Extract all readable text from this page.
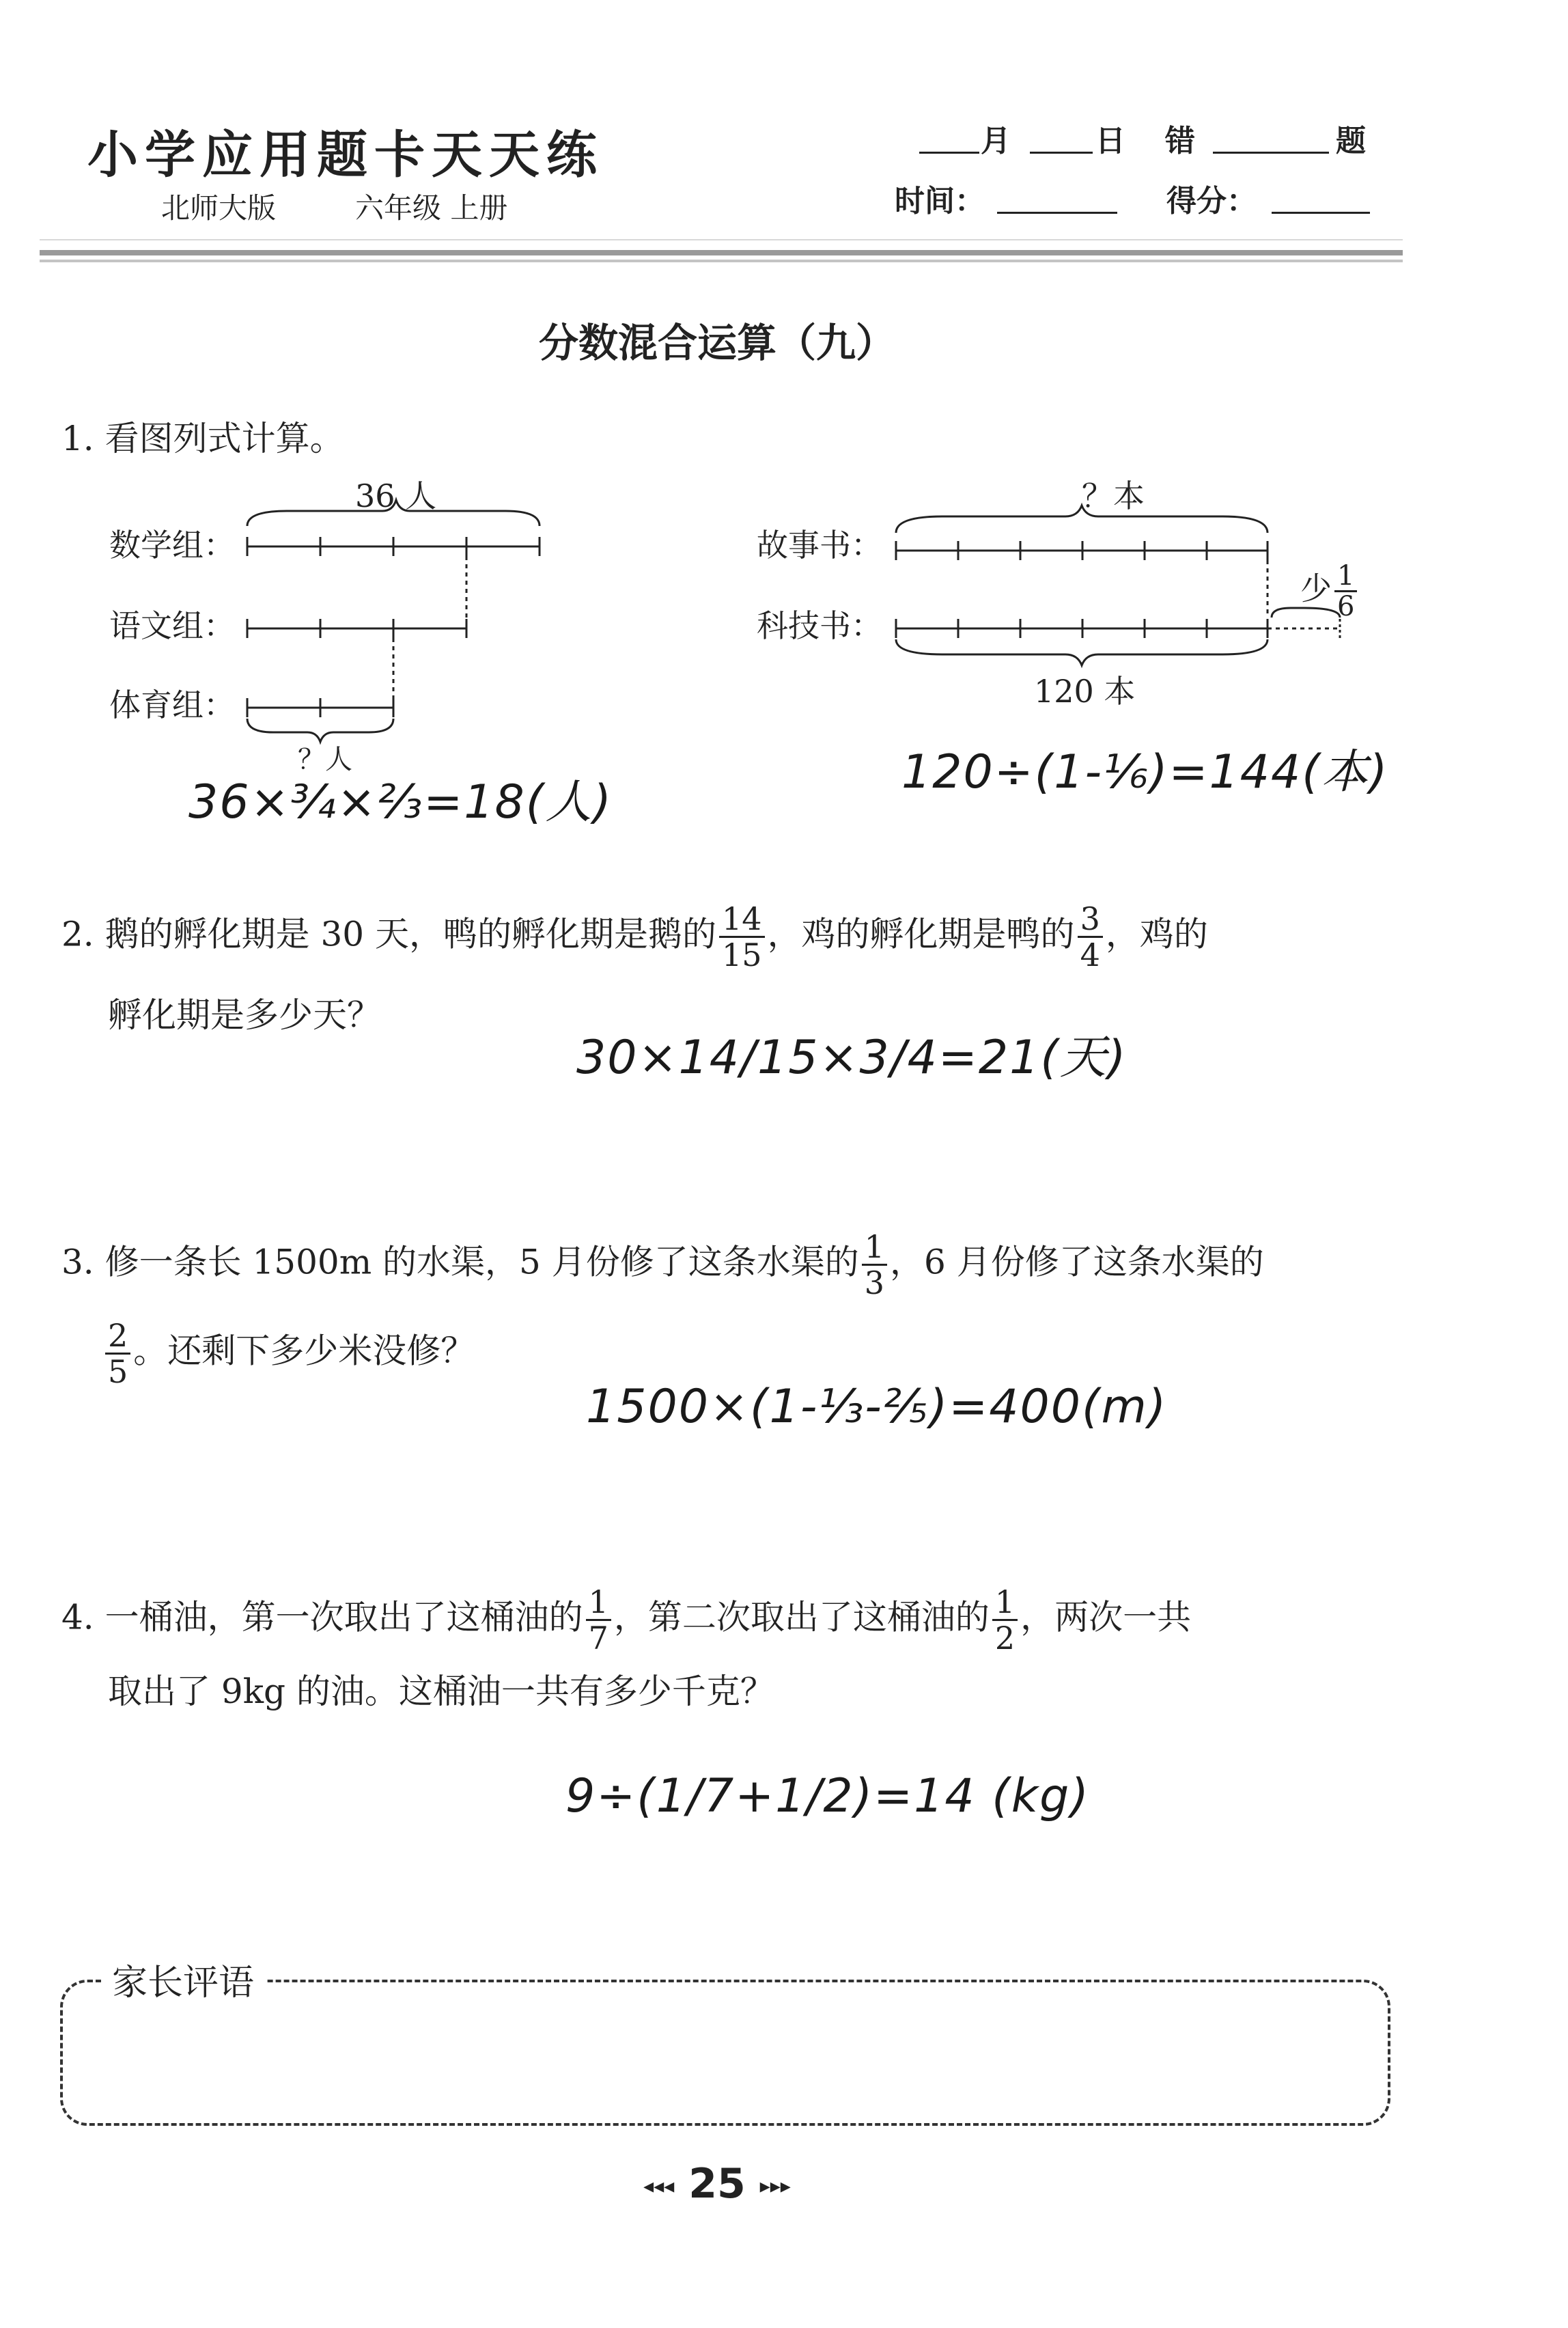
小学应用题卡天天练
北师大版	六年级 上册
月	日 错	题
时间：	得分：
分数混合运算（九）
1. 看图列式计算。
36 人
数学组：
语文组：
体育组：
？人
36×¾×⅔=18(人)
？本
故事书：
科技书：
少 $\frac{1}{6}$
120 本
120÷(1-⅙)=144(本)
2. 鹅的孵化期是 30 天，鸭的孵化期是鹅的 $\frac{14}{15}$ ，鸡的孵化期是鸭的 $\frac{3}{4}$ ，鸡的
孵化期是多少天？
30×14/15×3/4=21(天)
3. 修一条长 1500m 的水渠，5 月份修了这条水渠的 $\frac{1}{3}$ ，6 月份修了这条水渠的
$\frac{2}{5}$ 。还剩下多少米没修？
1500×(1-⅓-⅖)=400(m)
4. 一桶油，第一次取出了这桶油的 $\frac{1}{7}$ ，第二次取出了这桶油的 $\frac{1}{2}$ ，两次一共
取出了 9kg 的油。这桶油一共有多少千克？
9÷(1/7+1/2)=14 (kg)
家长评语
◂◂◂ 25 ▸▸▸
